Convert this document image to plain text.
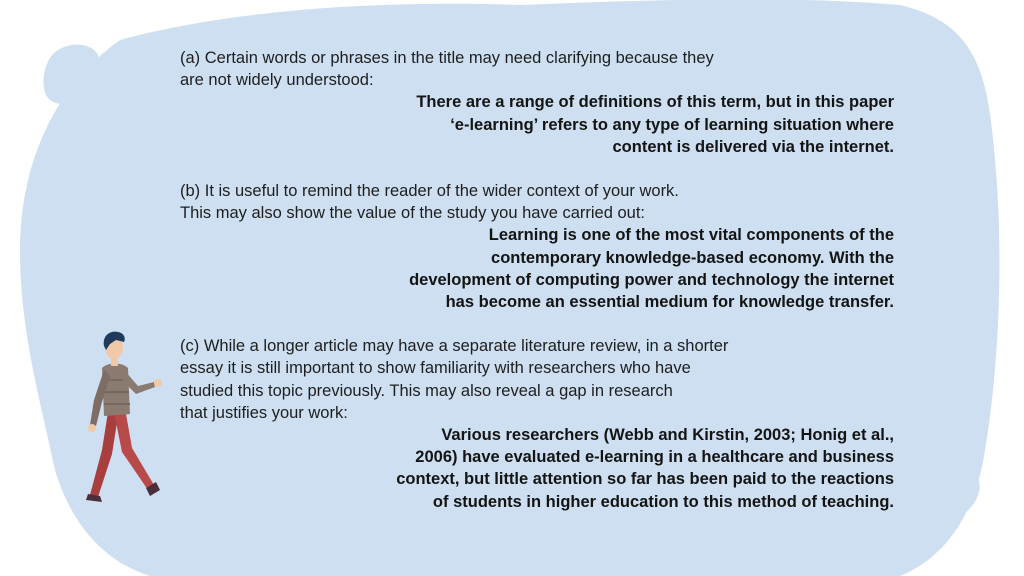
(a) Certain words or phrases in the title may need clarifying because they
are not widely understood:

There are a range of definitions of this term, but in this paper
‘e-learning’ refers to any type of learning situation where
content is delivered via the internet.

(b) It is useful to remind the reader of the wider context of your work.
This may also show the value of the study you have carried out:

Learning is one of the most vital components of the
contemporary knowledge-based economy. With the
development of computing power and technology the internet
has become an essential medium for knowledge transfer.

(c) While a longer article may have a separate literature review, in a shorter
essay it is still important to show familiarity with researchers who have
studied this topic previously. This may also reveal a gap in research
that justifies your work:

Various researchers (Webb and Kirstin, 2003; Honig et al.,
2006) have evaluated e-learning in a healthcare and business
context, but little attention so far has been paid to the reactions
of students in higher education to this method of teaching.
